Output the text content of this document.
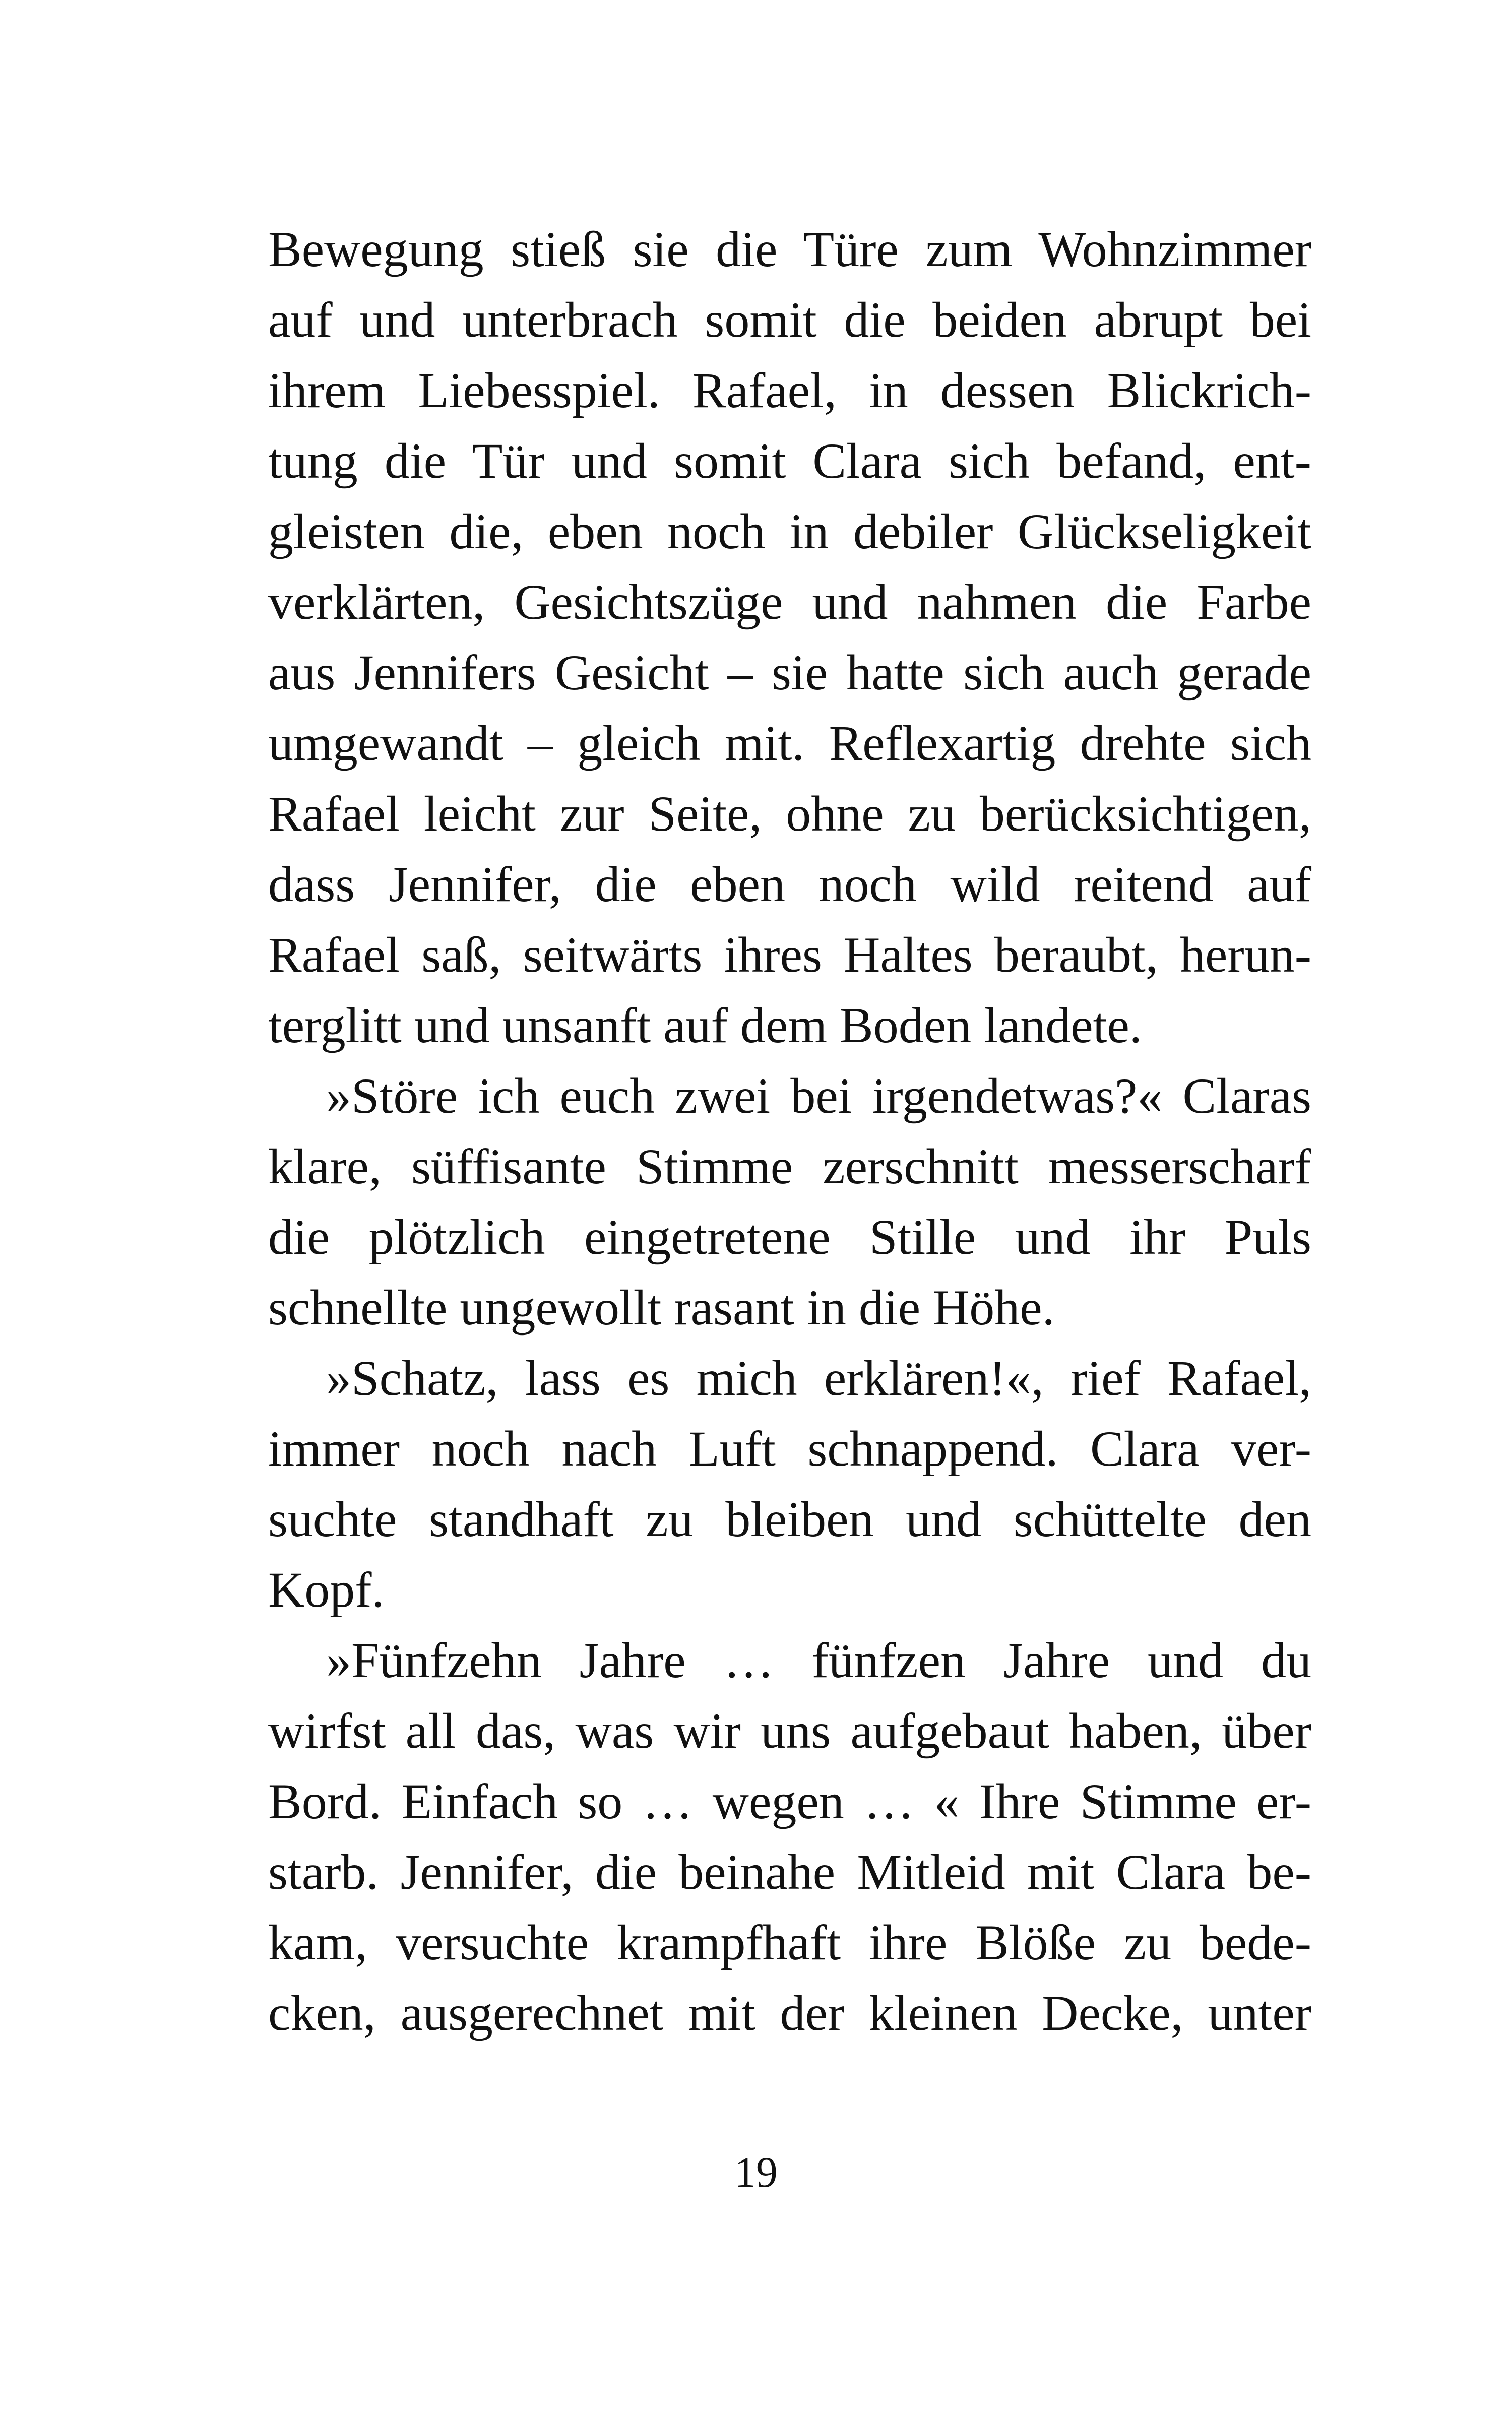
Bewegung stieß sie die Türe zum Wohnzimmer
auf und unterbrach somit die beiden abrupt bei
ihrem Liebesspiel. Rafael, in dessen Blickrich-
tung die Tür und somit Clara sich befand, ent-
gleisten die, eben noch in debiler Glückseligkeit
verklärten, Gesichtszüge und nahmen die Farbe
aus Jennifers Gesicht – sie hatte sich auch gerade
umgewandt – gleich mit. Reflexartig drehte sich
Rafael leicht zur Seite, ohne zu berücksichtigen,
dass Jennifer, die eben noch wild reitend auf
Rafael saß, seitwärts ihres Haltes beraubt, herun-
terglitt und unsanft auf dem Boden landete.
»Störe ich euch zwei bei irgendetwas?« Claras
klare, süffisante Stimme zerschnitt messerscharf
die plötzlich eingetretene Stille und ihr Puls
schnellte ungewollt rasant in die Höhe.
»Schatz, lass es mich erklären!«, rief Rafael,
immer noch nach Luft schnappend. Clara ver-
suchte standhaft zu bleiben und schüttelte den
Kopf.
»Fünfzehn Jahre … fünfzen Jahre und du
wirfst all das, was wir uns aufgebaut haben, über
Bord. Einfach so … wegen … « Ihre Stimme er-
starb. Jennifer, die beinahe Mitleid mit Clara be-
kam, versuchte krampfhaft ihre Blöße zu bede-
cken, ausgerechnet mit der kleinen Decke, unter
19
